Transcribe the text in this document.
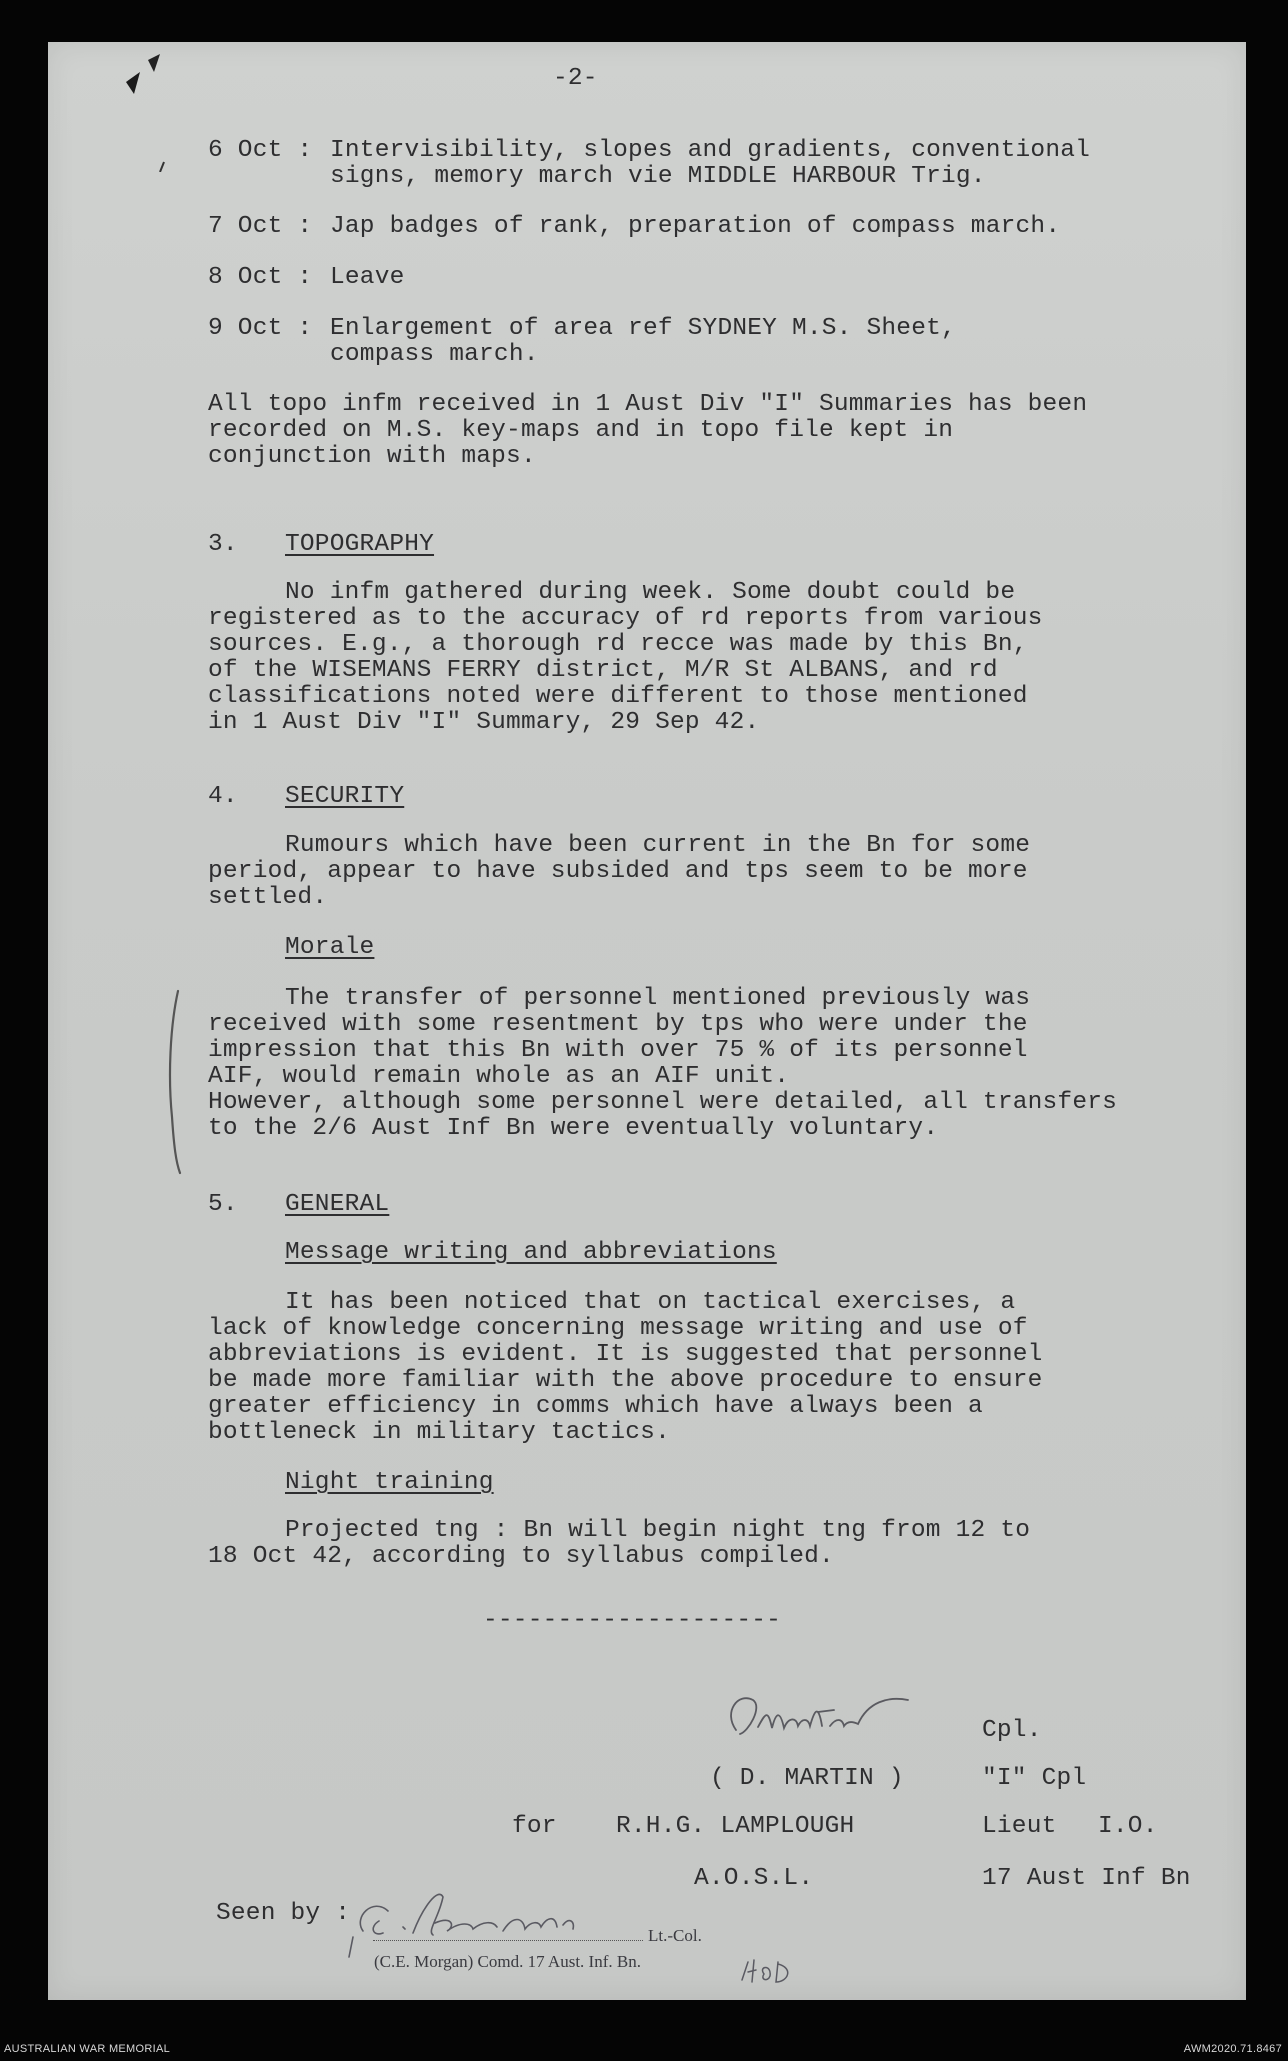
-2-
6 Oct : Intervisibility, slopes and gradients, conventional
signs, memory march vie MIDDLE HARBOUR Trig.
7 Oct : Jap badges of rank, preparation of compass march.
8 Oct : Leave
9 Oct : Enlargement of area ref SYDNEY M.S. Sheet,
compass march.
All topo infm received in 1 Aust Div "I" Summaries has been
recorded on M.S. key-maps and in topo file kept in
conjunction with maps.
3. TOPOGRAPHY
No infm gathered during week. Some doubt could be
registered as to the accuracy of rd reports from various
sources. E.g., a thorough rd recce was made by this Bn,
of the WISEMANS FERRY district, M/R St ALBANS, and rd
classifications noted were different to those mentioned
in 1 Aust Div "I" Summary, 29 Sep 42.
4. SECURITY
Rumours which have been current in the Bn for some
period, appear to have subsided and tps seem to be more
settled.
Morale
The transfer of personnel mentioned previously was
received with some resentment by tps who were under the
impression that this Bn with over 75 % of its personnel
AIF, would remain whole as an AIF unit.
However, although some personnel were detailed, all transfers
to the 2/6 Aust Inf Bn were eventually voluntary.
5. GENERAL
Message writing and abbreviations
It has been noticed that on tactical exercises, a
lack of knowledge concerning message writing and use of
abbreviations is evident. It is suggested that personnel
be made more familiar with the above procedure to ensure
greater efficiency in comms which have always been a
bottleneck in military tactics.
Night training
Projected tng : Bn will begin night tng from 12 to
18 Oct 42, according to syllabus compiled.
--------------------
Cpl.
( D. MARTIN )	"I" Cpl
for R.H.G. LAMPLOUGH	Lieut I.O.
A.O.S.L.	17 Aust Inf Bn
Seen by :
Lt.-Col.
(C.E. Morgan) Comd. 17 Aust. Inf. Bn.
AUSTRALIAN WAR MEMORIAL	AWM2020.71.8467
